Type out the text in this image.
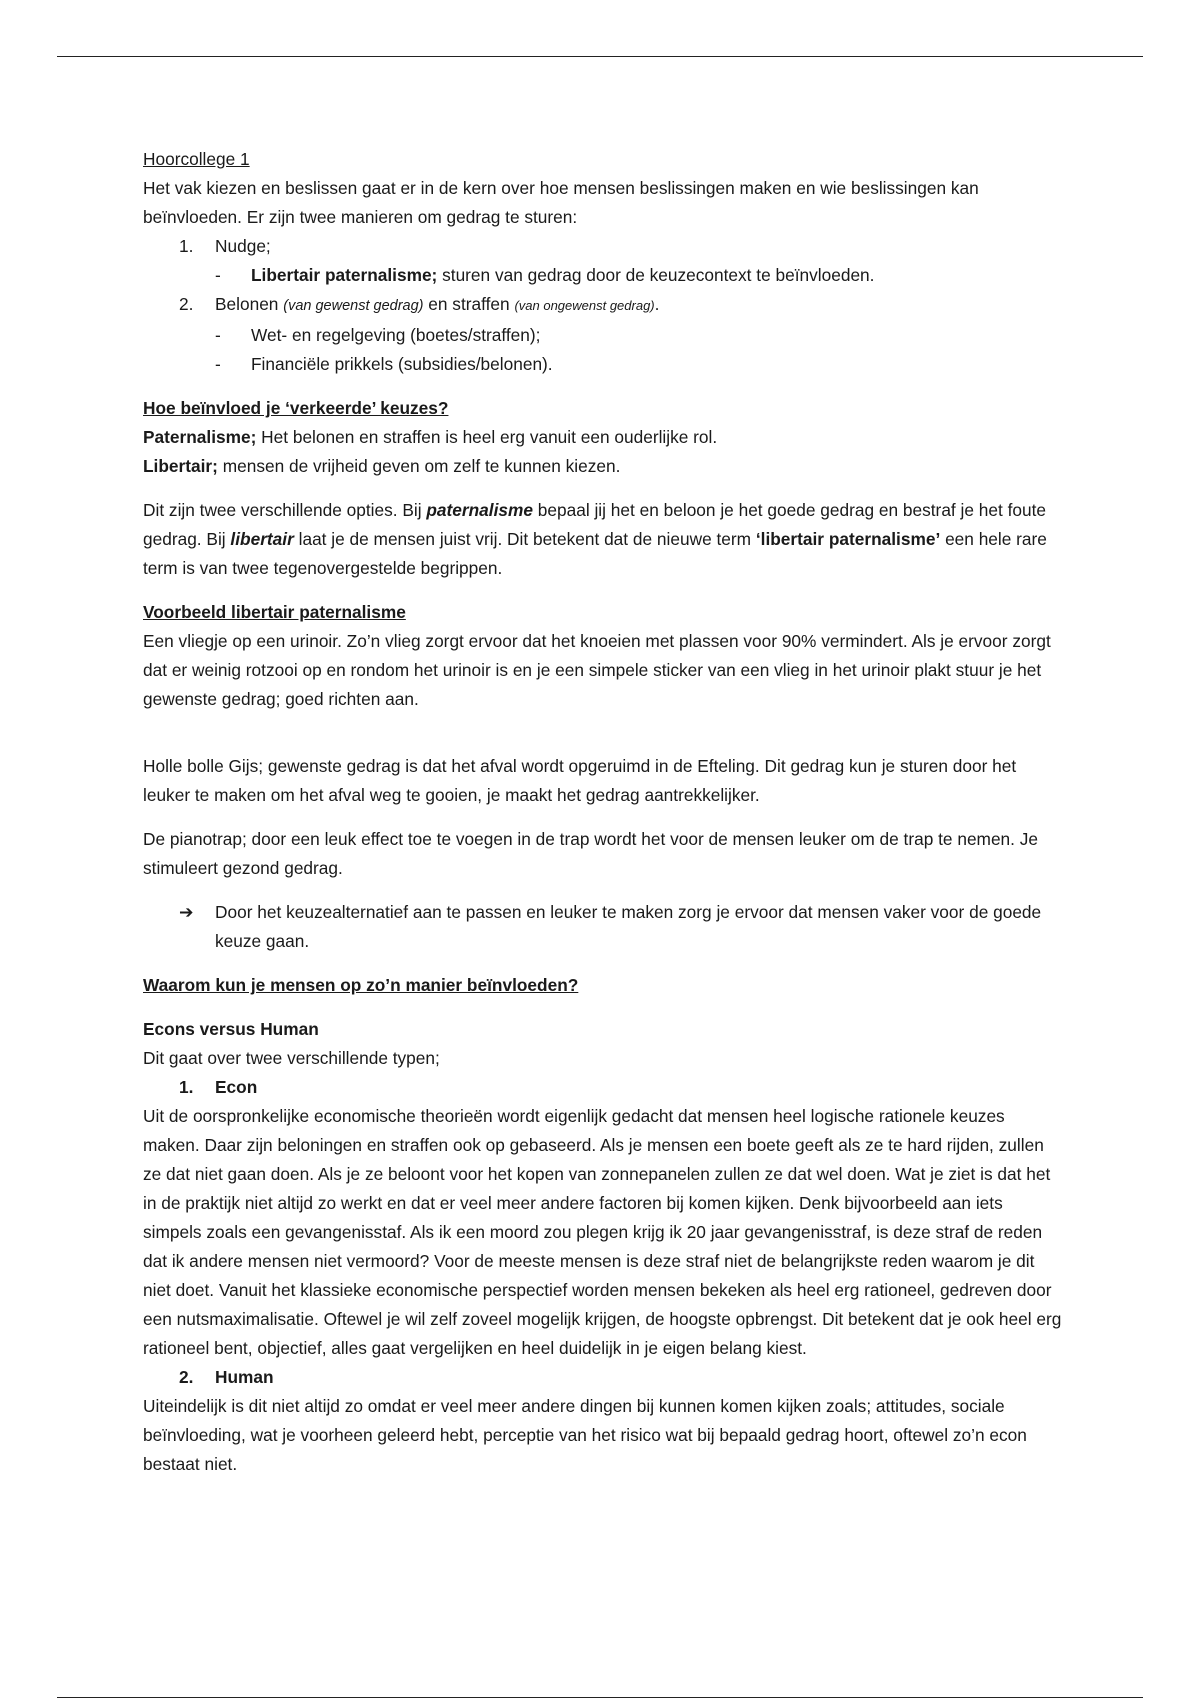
Hoorcollege 1

Het vak kiezen en beslissen gaat er in de kern over hoe mensen beslissingen maken en wie beslissingen kan beïnvloeden. Er zijn twee manieren om gedrag te sturen:

1.	Nudge;
-	Libertair paternalisme; sturen van gedrag door de keuzecontext te beïnvloeden.
2.	Belonen (van gewenst gedrag) en straffen (van ongewenst gedrag).
-	Wet- en regelgeving (boetes/straffen);
-	Financiële prikkels (subsidies/belonen).

Hoe beïnvloed je ‘verkeerde’ keuzes?

Paternalisme; Het belonen en straffen is heel erg vanuit een ouderlijke rol.

Libertair; mensen de vrijheid geven om zelf te kunnen kiezen.

Dit zijn twee verschillende opties. Bij paternalisme bepaal jij het en beloon je het goede gedrag en bestraf je het foute gedrag. Bij libertair laat je de mensen juist vrij. Dit betekent dat de nieuwe term ‘libertair paternalisme’ een hele rare term is van twee tegenovergestelde begrippen.

Voorbeeld libertair paternalisme

Een vliegje op een urinoir. Zo’n vlieg zorgt ervoor dat het knoeien met plassen voor 90% vermindert. Als je ervoor zorgt dat er weinig rotzooi op en rondom het urinoir is en je een simpele sticker van een vlieg in het urinoir plakt stuur je het gewenste gedrag; goed richten aan.

Holle bolle Gijs; gewenste gedrag is dat het afval wordt opgeruimd in de Efteling. Dit gedrag kun je sturen door het leuker te maken om het afval weg te gooien, je maakt het gedrag aantrekkelijker.

De pianotrap; door een leuk effect toe te voegen in de trap wordt het voor de mensen leuker om de trap te nemen. Je stimuleert gezond gedrag.

➔	Door het keuzealternatief aan te passen en leuker te maken zorg je ervoor dat mensen vaker voor de goede keuze gaan.

Waarom kun je mensen op zo’n manier beïnvloeden?

Econs versus Human

Dit gaat over twee verschillende typen;

1.	Econ

Uit de oorspronkelijke economische theorieën wordt eigenlijk gedacht dat mensen heel logische rationele keuzes maken. Daar zijn beloningen en straffen ook op gebaseerd. Als je mensen een boete geeft als ze te hard rijden, zullen ze dat niet gaan doen. Als je ze beloont voor het kopen van zonnepanelen zullen ze dat wel doen. Wat je ziet is dat het in de praktijk niet altijd zo werkt en dat er veel meer andere factoren bij komen kijken. Denk bijvoorbeeld aan iets simpels zoals een gevangenisstaf. Als ik een moord zou plegen krijg ik 20 jaar gevangenisstraf, is deze straf de reden dat ik andere mensen niet vermoord? Voor de meeste mensen is deze straf niet de belangrijkste reden waarom je dit niet doet. Vanuit het klassieke economische perspectief worden mensen bekeken als heel erg rationeel, gedreven door een nutsmaximalisatie. Oftewel je wil zelf zoveel mogelijk krijgen, de hoogste opbrengst. Dit betekent dat je ook heel erg rationeel bent, objectief, alles gaat vergelijken en heel duidelijk in je eigen belang kiest.

2.	Human

Uiteindelijk is dit niet altijd zo omdat er veel meer andere dingen bij kunnen komen kijken zoals; attitudes, sociale beïnvloeding, wat je voorheen geleerd hebt, perceptie van het risico wat bij bepaald gedrag hoort, oftewel zo’n econ bestaat niet.
